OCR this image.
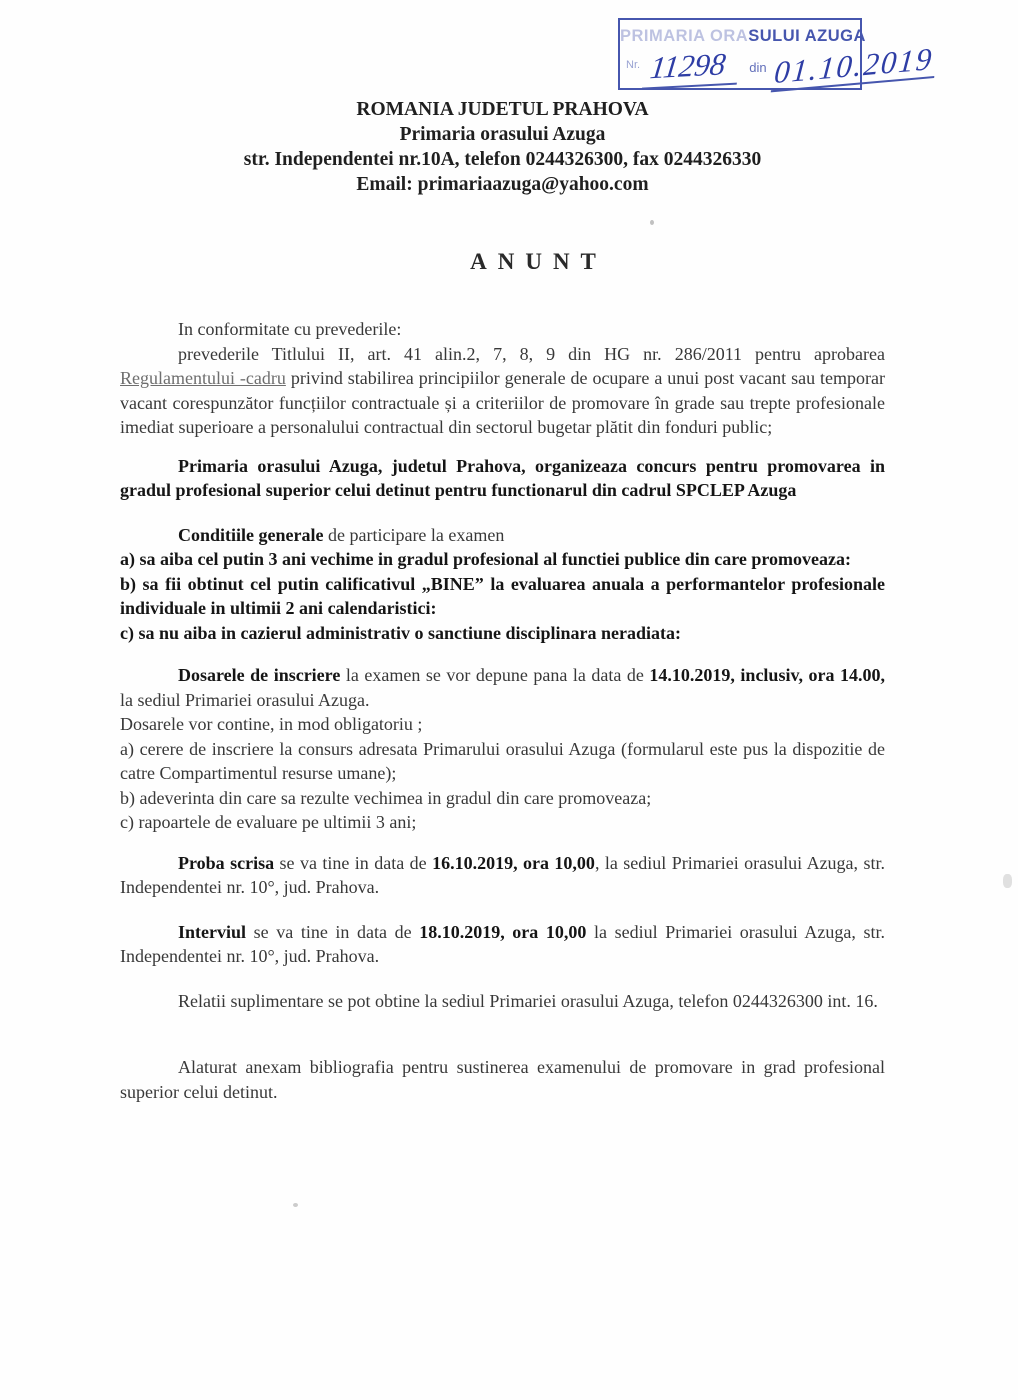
PRIMARIA ORASULUI AZUGA
$^{Nr.}$ 11298 $^{din}$ 01.10.2019
ROMANIA JUDETUL PRAHOVA
Primaria orasului Azuga
str. Independentei nr.10A, telefon 0244326300, fax 0244326330
Email: primariaazuga@yahoo.com
ANUNT

In conformitate cu prevederile:

prevederile Titlului II, art. 41 alin.2, 7, 8, 9 din HG nr. 286/2011 pentru aprobarea Regulamentului -cadru privind stabilirea principiilor generale de ocupare a unui post vacant sau temporar vacant corespunzător funcțiilor contractuale și a criteriilor de promovare în grade sau trepte profesionale imediat superioare a personalului contractual din sectorul bugetar plătit din fonduri public;

Primaria orasului Azuga, judetul Prahova, organizeaza concurs pentru promovarea in gradul profesional superior celui detinut pentru functionarul din cadrul SPCLEP Azuga

Conditiile generale de participare la examen

a) sa aiba cel putin 3 ani vechime in gradul profesional al functiei publice din care promoveaza:

b) sa fii obtinut cel putin calificativul „BINE” la evaluarea anuala a performantelor profesionale individuale in ultimii 2 ani calendaristici:

c) sa nu aiba in cazierul administrativ o sanctiune disciplinara neradiata:

Dosarele de inscriere la examen se vor depune pana la data de 14.10.2019, inclusiv, ora 14.00, la sediul Primariei orasului Azuga.

Dosarele vor contine, in mod obligatoriu ;

a) cerere de inscriere la consurs adresata Primarului orasului Azuga (formularul este pus la dispozitie de catre Compartimentul resurse umane);

b) adeverinta din care sa rezulte vechimea in gradul din care promoveaza;

c) rapoartele de evaluare pe ultimii 3 ani;

Proba scrisa se va tine in data de 16.10.2019, ora 10,00, la sediul Primariei orasului Azuga, str. Independentei nr. 10°, jud. Prahova.

Interviul se va tine in data de 18.10.2019, ora 10,00 la sediul Primariei orasului Azuga, str. Independentei nr. 10°, jud. Prahova.

Relatii suplimentare se pot obtine la sediul Primariei orasului Azuga, telefon 0244326300 int. 16.

Alaturat anexam bibliografia pentru sustinerea examenului de promovare in grad profesional superior celui detinut.
